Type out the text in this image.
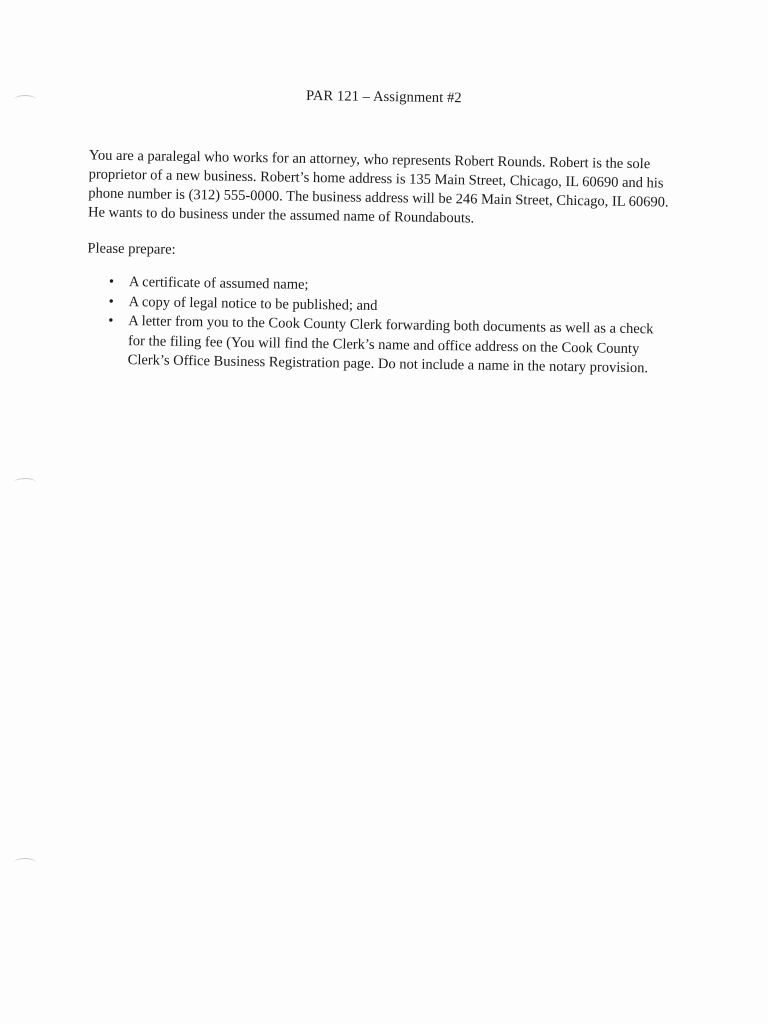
PAR 121 – Assignment #2
You are a paralegal who works for an attorney, who represents Robert Rounds. Robert is the sole proprietor of a new business. Robert’s home address is 135 Main Street, Chicago, IL 60690 and his phone number is (312) 555-0000. The business address will be 246 Main Street, Chicago, IL 60690. He wants to do business under the assumed name of Roundabouts.
Please prepare:
• A certificate of assumed name;
• A copy of legal notice to be published; and
• A letter from you to the Cook County Clerk forwarding both documents as well as a check for the filing fee (You will find the Clerk’s name and office address on the Cook County Clerk’s Office Business Registration page. Do not include a name in the notary provision.
